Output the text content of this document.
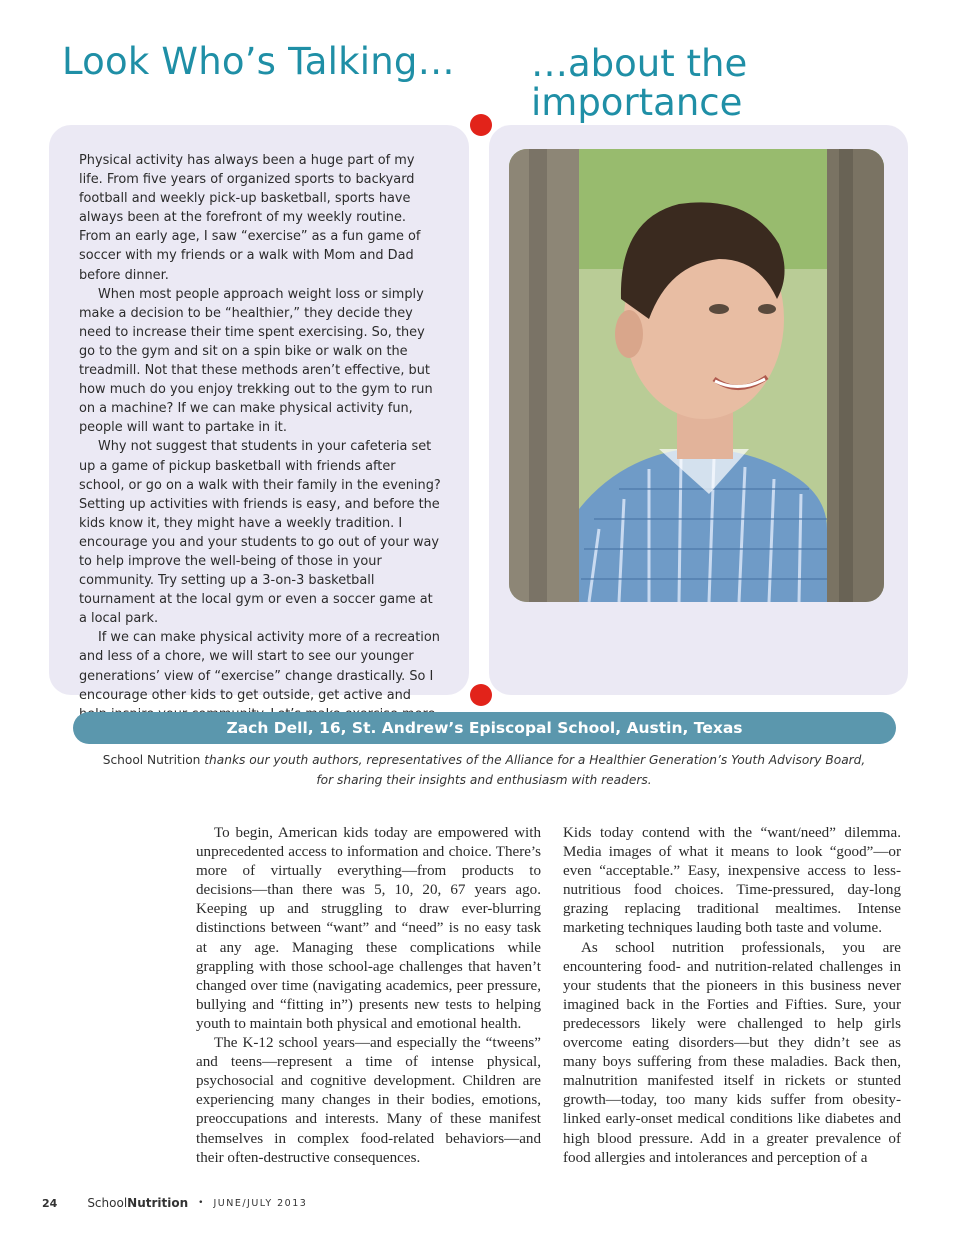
Look Who’s Talking… …about the importance

Physical activity has always been a huge part of my life. From five years of organized sports to backyard football and weekly pick-up basketball, sports have always been at the forefront of my weekly routine. From an early age, I saw “exercise” as a fun game of soccer with my friends or a walk with Mom and Dad before dinner.

When most people approach weight loss or simply make a decision to be “healthier,” they decide they need to increase their time spent exercising. So, they go to the gym and sit on a spin bike or walk on the treadmill. Not that these methods aren’t effective, but how much do you enjoy trekking out to the gym to run on a machine? If we can make physical activity fun, people will want to partake in it.

Why not suggest that students in your cafeteria set up a game of pickup basketball with friends after school, or go on a walk with their family in the evening? Setting up activities with friends is easy, and before the kids know it, they might have a weekly tradition. I encourage you and your students to go out of your way to help improve the well-being of those in your community. Try setting up a 3-on-3 basketball tournament at the local gym or even a soccer game at a local park.

If we can make physical activity more of a recreation and less of a chore, we will start to see our younger generations’ view of “exercise” change drastically. So I encourage other kids to get outside, get active and

Zach Dell, 16, St. Andrew’s Episcopal School, Austin, Texas
School Nutrition thanks our youth authors, representatives of the Alliance for a Healthier Generation’s Youth Advisory Board,
for sharing their insights and enthusiasm with readers.

To begin, American kids today are empowered with unprecedented access to information and choice. There’s more of virtually everything—from products to decisions—than there was 5, 10, 20, 67 years ago. Keeping up and struggling to draw ever-blurring distinctions between “want” and “need” is no easy task at any age. Managing these complications while grappling with those school-age challenges that haven’t changed over time (navigating academics, peer pressure, bullying and “fitting in”) presents new tests to helping youth to maintain both physical and emotional health.

The K-12 school years—and especially the “tweens” and teens—represent a time of intense physical, psychosocial and cognitive development. Children are experiencing many changes in their bodies, emotions, preoccupations and interests. Many of these manifest themselves in complex food-related behaviors—and their often-destructive consequences.

Kids today contend with the “want/need” dilemma. Media images of what it means to look “good”—or even “acceptable.” Easy, inexpensive access to less-nutritious food choices. Time-pressured, day-long grazing replacing traditional mealtimes. Intense marketing techniques lauding both taste and volume.

As school nutrition professionals, you are encountering food- and nutrition-related challenges in your students that the pioneers in this business never imagined back in the Forties and Fifties. Sure, your predecessors likely were challenged to help girls overcome eating disorders—but they didn’t see as many boys suffering from these maladies. Back then, malnutrition manifested itself in rickets or stunted growth—today, too many kids suffer from obesity-linked early-onset medical conditions like diabetes and high blood pressure. Add in a greater prevalence of food allergies and intolerances and perception of a

24	SchoolNutrition • JUNE/JULY 2013
